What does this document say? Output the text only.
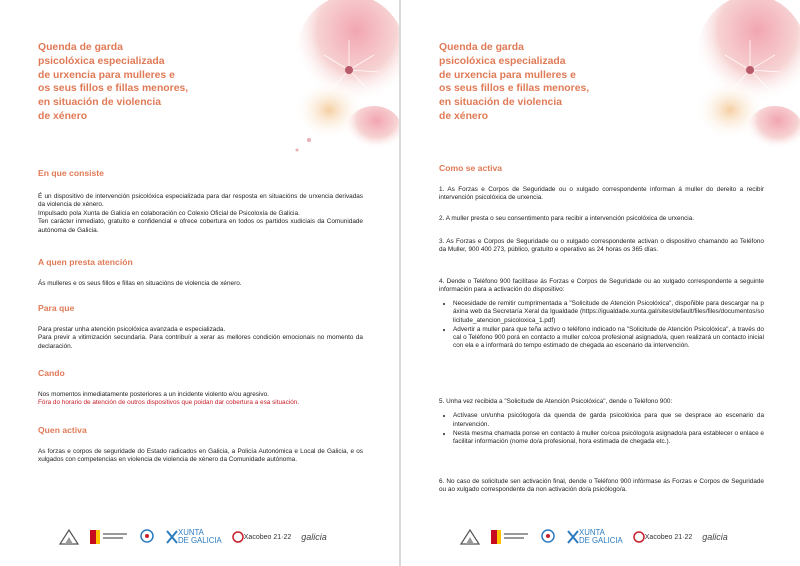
Quenda de garda
psicolóxica especializada
de urxencia para mulleres e
os seus fillos e fillas menores,
en situación de violencia
de xénero
En que consiste

É un dispositivo de intervención psicolóxica especializada para dar resposta en situacións de urxencia derivadas da violencia de xénero.

Impulsado pola Xunta de Galicia en colaboración co Colexio Oficial de Psicoloxía de Galicia.

Ten carácter inmediato, gratuíto e confidencial e ofrece cobertura en todos os partidos xudiciais da Comunidade autónoma de Galicia.

A quen presta atención

Ás mulleres e os seus fillos e fillas en situacións de violencia de xénero.

Para que

Para prestar unha atención psicolóxica avanzada e especializada.

Para previr a vitimización secundaria. Para contribuír a xerar as mellores condición emocionais no momento da declaración.

Cando

Nos momentos inmediatamente posteriores a un incidente violento e/ou agresivo.

Fóra do horario de atención de outros dispositivos que poidan dar cobertura a esa situación.

Quen activa

As forzas e corpos de seguridade do Estado radicados en Galicia, a Policía Autonómica e Local de Galicia, e os xulgados con competencias en violencia de violencia de xénero da Comunidade autónoma.

XUNTA
DE GALICIA	Xacobeo 21·22 galicia
Quenda de garda
psicolóxica especializada
de urxencia para mulleres e
os seus fillos e fillas menores,
en situación de violencia
de xénero
Como se activa

1. As Forzas e Corpos de Seguridade ou o xulgado correspondente informan á muller do dereito a recibir intervención psicolóxica de urxencia.

2. A muller presta o seu consentimento para recibir a intervención psicolóxica de urxencia.

3. As Forzas e Corpos de Seguridade ou o xulgado correspondente activan o dispositivo chamando ao Teléfono da Muller, 900 400 273, público, gratuíto e operativo as 24 horas os 365 días.

4. Dende o Teléfono 900 facilítase ás Forzas e Corpos de Seguridade ou ao xulgado correspondente a seguinte información para a activación do dispositivo:

• Necesidade de remitir cumprimentada a "Solicitude de Atención Psicolóxica", dispoñible para descargar na páxina web da Secretaría Xeral da Igualdade (https://igualdade.xunta.gal/sites/default/files/files/documentos/solicitude_atencion_psicoloxica_1.pdf)
• Advertir a muller para que teña activo o teléfono indicado na "Solicitude de Atención Psicolóxica", a través do cal o Teléfono 900 porá en contacto a muller co/coa profesional asignado/a, quen realizará un contacto inicial con ela e a informará do tempo estimado de chegada ao escenario da intervención.

5. Unha vez recibida a "Solicitude de Atención Psicolóxica", dende o Teléfono 900:

• Actívase un/unha psicólogo/a da quenda de garda psicolóxica para que se desprace ao escenario da intervención.
• Nesta mesma chamada ponse en contacto á muller co/coa psicólogo/a asignado/a para establecer o enlace e facilitar información (nome do/a profesional, hora estimada de chegada etc.).

6. No caso de solicitude sen activación final, dende o Teléfono 900 infórmase ás Forzas e Corpos de Seguridade ou ao xulgado correspondente da non activación do/a psicólogo/a.

XUNTA
DE GALICIA	Xacobeo 21·22 galicia
